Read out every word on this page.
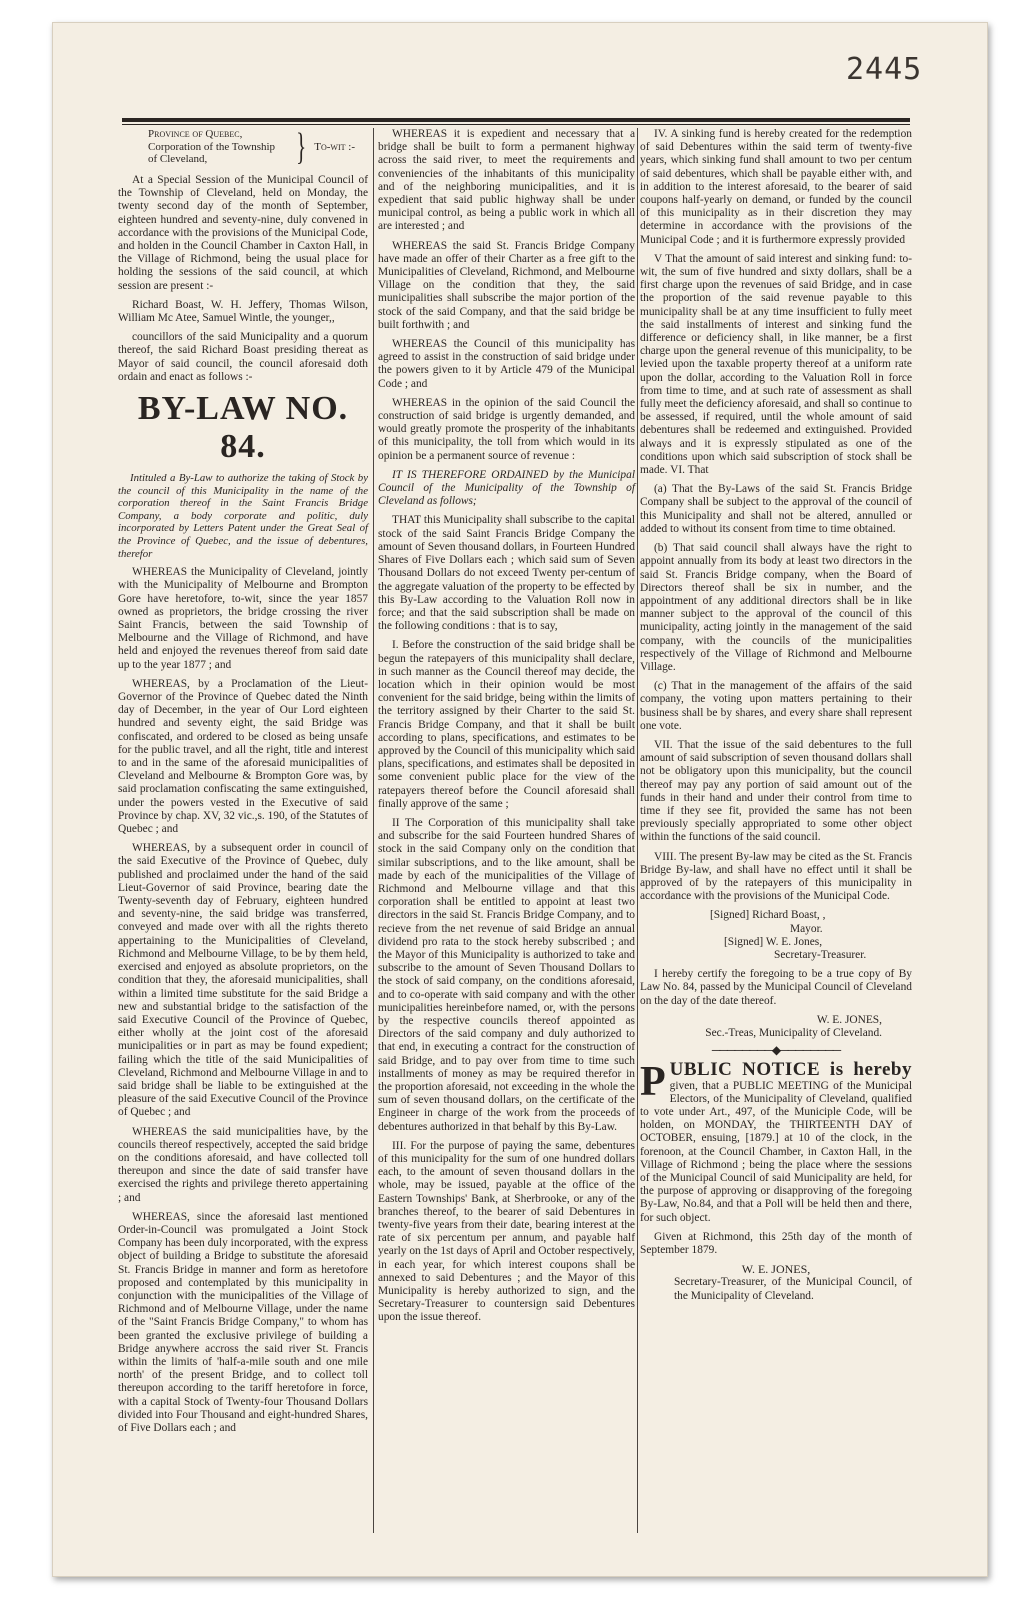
2445
Province of Quebec,
Corporation of the Township
of Cleveland,	} To-wit :-

At a Special Session of the Municipal Council of the Township of Cleveland, held on Monday, the twenty second day of the month of September, eighteen hundred and seventy-nine, duly convened in accordance with the provisions of the Municipal Code, and holden in the Council Chamber in Caxton Hall, in the Village of Richmond, being the usual place for holding the sessions of the said council, at which session are present :-

Richard Boast, W. H. Jeffery, Thomas Wilson, William Mc Atee, Samuel Wintle, the younger,,

councillors of the said Municipality and a quorum thereof, the said Richard Boast presiding thereat as Mayor of said council, the council aforesaid doth ordain and enact as follows :-

BY-LAW NO. 84.

Intituled a By-Law to authorize the taking of Stock by the council of this Municipality in the name of the corporation thereof in the Saint Francis Bridge Company, a body corporate and politic, duly incorporated by Letters Patent under the Great Seal of the Province of Quebec, and the issue of debentures, therefor

WHEREAS the Municipality of Cleveland, jointly with the Municipality of Melbourne and Brompton Gore have heretofore, to-wit, since the year 1857 owned as proprietors, the bridge crossing the river Saint Francis, between the said Township of Melbourne and the Village of Richmond, and have held and enjoyed the revenues thereof from said date up to the year 1877 ; and

WHEREAS, by a Proclamation of the Lieut-Governor of the Province of Quebec dated the Ninth day of December, in the year of Our Lord eighteen hundred and seventy eight, the said Bridge was confiscated, and ordered to be closed as being unsafe for the public travel, and all the right, title and interest to and in the same of the aforesaid municipalities of Cleveland and Melbourne & Brompton Gore was, by said proclamation confiscating the same extinguished, under the powers vested in the Executive of said Province by chap. XV, 32 vic.,s. 190, of the Statutes of Quebec ; and

WHEREAS, by a subsequent order in council of the said Executive of the Province of Quebec, duly published and proclaimed under the hand of the said Lieut-Governor of said Province, bearing date the Twenty-seventh day of February, eighteen hundred and seventy-nine, the said bridge was transferred, conveyed and made over with all the rights thereto appertaining to the Municipalities of Cleveland, Richmond and Melbourne Village, to be by them held, exercised and enjoyed as absolute proprietors, on the condition that they, the aforesaid municipalities, shall within a limited time substitute for the said Bridge a new and substantial bridge to the satisfaction of the said Executive Council of the Province of Quebec, either wholly at the joint cost of the aforesaid municipalities or in part as may be found expedient; failing which the title of the said Municipalities of Cleveland, Richmond and Melbourne Village in and to said bridge shall be liable to be extinguished at the pleasure of the said Executive Council of the Province of Quebec ; and

WHEREAS the said municipalities have, by the councils thereof respectively, accepted the said bridge on the conditions aforesaid, and have collected toll thereupon and since the date of said transfer have exercised the rights and privilege thereto appertaining ; and

WHEREAS, since the aforesaid last mentioned Order-in-Council was promulgated a Joint Stock Company has been duly incorporated, with the express object of building a Bridge to substitute the aforesaid St. Francis Bridge in manner and form as heretofore proposed and contemplated by this municipality in conjunction with the municipalities of the Village of Richmond and of Melbourne Village, under the name of the "Saint Francis Bridge Company," to whom has been granted the exclusive privilege of building a Bridge anywhere accross the said river St. Francis within the limits of 'half-a-mile south and one mile north' of the present Bridge, and to collect toll thereupon according to the tariff heretofore in force, with a capital Stock of Twenty-four Thousand Dollars divided into Four Thousand and eight-hundred Shares, of Five Dollars each ; and

WHEREAS it is expedient and necessary that a bridge shall be built to form a permanent highway across the said river, to meet the requirements and conveniencies of the inhabitants of this municipality and of the neighboring municipalities, and it is expedient that said public highway shall be under municipal control, as being a public work in which all are interested ; and

WHEREAS the said St. Francis Bridge Company have made an offer of their Charter as a free gift to the Municipalities of Cleveland, Richmond, and Melbourne Village on the condition that they, the said municipalities shall subscribe the major portion of the stock of the said Company, and that the said bridge be built forthwith ; and

WHEREAS the Council of this municipality has agreed to assist in the construction of said bridge under the powers given to it by Article 479 of the Municipal Code ; and

WHEREAS in the opinion of the said Council the construction of said bridge is urgently demanded, and would greatly promote the prosperity of the inhabitants of this municipality, the toll from which would in its opinion be a permanent source of revenue :

IT IS THEREFORE ORDAINED by the Municipal Council of the Municipality of the Township of Cleveland as follows;

THAT this Municipality shall subscribe to the capital stock of the said Saint Francis Bridge Company the amount of Seven thousand dollars, in Fourteen Hundred Shares of Five Dollars each ; which said sum of Seven Thousand Dollars do not exceed Twenty per-centum of the aggregate valuation of the property to be effected by this By-Law according to the Valuation Roll now in force; and that the said subscription shall be made on the following conditions : that is to say,

I. Before the construction of the said bridge shall be begun the ratepayers of this municipality shall declare, in such manner as the Council thereof may decide, the location which in their opinion would be most convenient for the said bridge, being within the limits of the territory assigned by their Charter to the said St. Francis Bridge Company, and that it shall be built according to plans, specifications, and estimates to be approved by the Council of this municipality which said plans, specifications, and estimates shall be deposited in some convenient public place for the view of the ratepayers thereof before the Council aforesaid shall finally approve of the same ;

II The Corporation of this municipality shall take and subscribe for the said Fourteen hundred Shares of stock in the said Company only on the condition that similar subscriptions, and to the like amount, shall be made by each of the municipalities of the Village of Richmond and Melbourne village and that this corporation shall be entitled to appoint at least two directors in the said St. Francis Bridge Company, and to recieve from the net revenue of said Bridge an annual dividend pro rata to the stock hereby subscribed ; and the Mayor of this Municipality is authorized to take and subscribe to the amount of Seven Thousand Dollars to the stock of said company, on the conditions aforesaid, and to co-operate with said company and with the other municipalities hereinbefore named, or, with the persons by the respective councils thereof appointed as Directors of the said company and duly authorized to that end, in executing a contract for the construction of said Bridge, and to pay over from time to time such installments of money as may be required therefor in the proportion aforesaid, not exceeding in the whole the sum of seven thousand dollars, on the certificate of the Engineer in charge of the work from the proceeds of debentures authorized in that behalf by this By-Law.

III. For the purpose of paying the same, debentures of this municipality for the sum of one hundred dollars each, to the amount of seven thousand dollars in the whole, may be issued, payable at the office of the Eastern Townships' Bank, at Sherbrooke, or any of the branches thereof, to the bearer of said Debentures in twenty-five years from their date, bearing interest at the rate of six percentum per annum, and payable half yearly on the 1st days of April and October respectively, in each year, for which interest coupons shall be annexed to said Debentures ; and the Mayor of this Municipality is hereby authorized to sign, and the Secretary-Treasurer to countersign said Debentures upon the issue thereof.

IV. A sinking fund is hereby created for the redemption of said Debentures within the said term of twenty-five years, which sinking fund shall amount to two per centum of said debentures, which shall be payable either with, and in addition to the interest aforesaid, to the bearer of said coupons half-yearly on demand, or funded by the council of this municipality as in their discretion they may determine in accordance with the provisions of the Municipal Code ; and it is furthermore expressly provided

V That the amount of said interest and sinking fund: to-wit, the sum of five hundred and sixty dollars, shall be a first charge upon the revenues of said Bridge, and in case the proportion of the said revenue payable to this municipality shall be at any time insufficient to fully meet the said installments of interest and sinking fund the difference or deficiency shall, in like manner, be a first charge upon the general revenue of this municipality, to be levied upon the taxable property thereof at a uniform rate upon the dollar, according to the Valuation Roll in force from time to time, and at such rate of assessment as shall fully meet the deficiency aforesaid, and shall so continue to be assessed, if required, until the whole amount of said debentures shall be redeemed and extinguished. Provided always and it is expressly stipulated as one of the conditions upon which said subscription of stock shall be made. VI. That

(a) That the By-Laws of the said St. Francis Bridge Company shall be subject to the approval of the council of this Municipality and shall not be altered, annulled or added to without its consent from time to time obtained.

(b) That said council shall always have the right to appoint annually from its body at least two directors in the said St. Francis Bridge company, when the Board of Directors thereof shall be six in number, and the appointment of any additional directors shall be in like manner subject to the approval of the council of this municipality, acting jointly in the management of the said company, with the councils of the municipalities respectively of the Village of Richmond and Melbourne Village.

(c) That in the management of the affairs of the said company, the voting upon matters pertaining to their business shall be by shares, and every share shall represent one vote.

VII. That the issue of the said debentures to the full amount of said subscription of seven thousand dollars shall not be obligatory upon this municipality, but the council thereof may pay any portion of said amount out of the funds in their hand and under their control from time to time if they see fit, provided the same has not been previously specially appropriated to some other object within the functions of the said council.

VIII. The present By-law may be cited as the St. Francis Bridge By-law, and shall have no effect until it shall be approved of by the ratepayers of this municipality in accordance with the provisions of the Municipal Code.

[Signed] Richard Boast, ,
Mayor.
[Signed] W. E. Jones,
Secretary-Treasurer.

I hereby certify the foregoing to be a true copy of By Law No. 84, passed by the Municipal Council of Cleveland on the day of the date thereof.

W. E. JONES,
Sec.-Treas, Municipality of Cleveland.

────────◆────────

P UBLIC NOTICE is hereby given, that a PUBLIC MEETING of the Municipal Electors, of the Municipality of Cleveland, qualified to vote under Art., 497, of the Municiple Code, will be holden, on MONDAY, the THIRTEENTH DAY of OCTOBER, ensuing, [1879.] at 10 of the clock, in the forenoon, at the Council Chamber, in Caxton Hall, in the Village of Richmond ; being the place where the sessions of the Municipal Council of said Municipality are held, for the purpose of approving or disapproving of the foregoing By-Law, No.84, and that a Poll will be held then and there, for such object.

Given at Richmond, this 25th day of the month of September 1879.

W. E. JONES,
Secretary-Treasurer, of the Municipal Council, of the Municipality of Cleveland.
